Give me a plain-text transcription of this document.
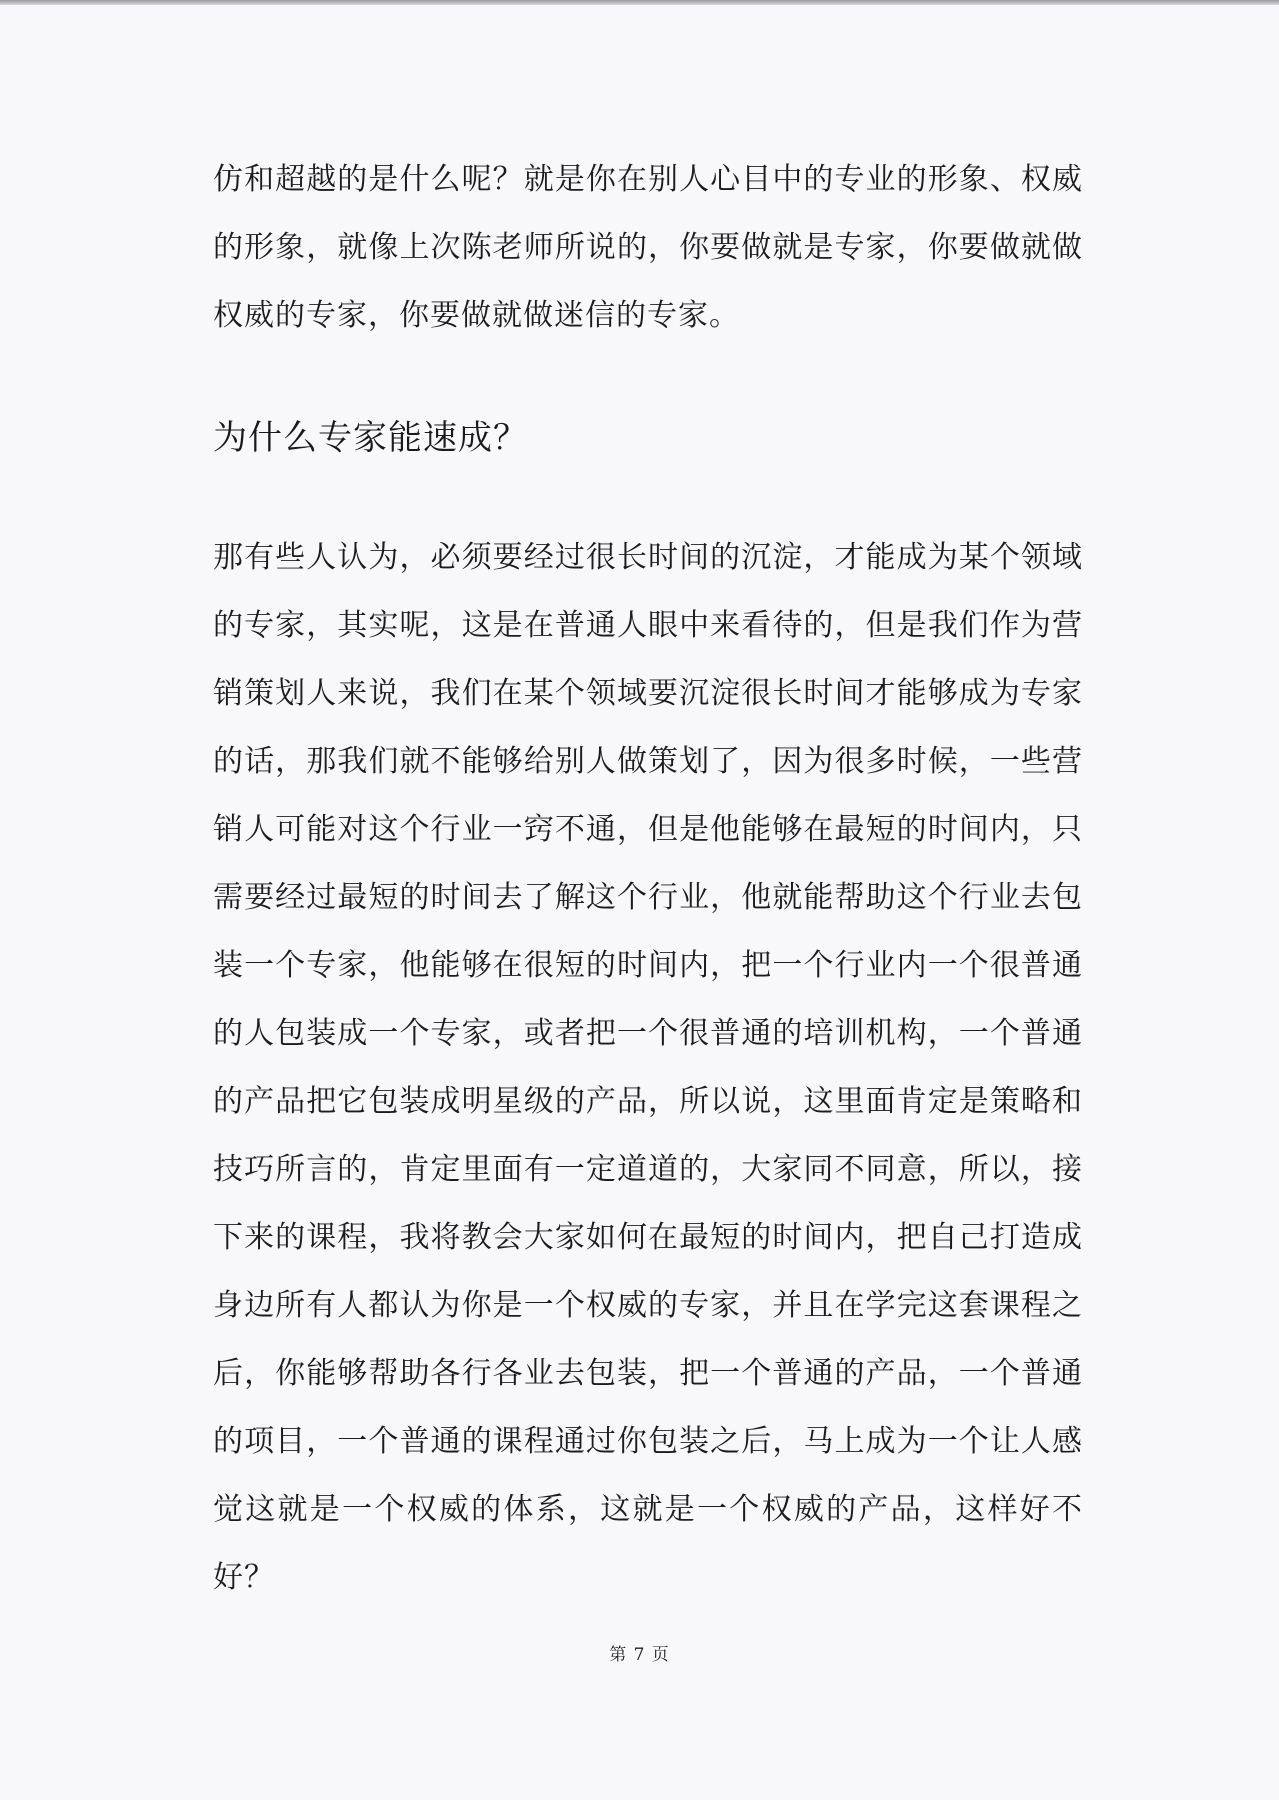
仿和超越的是什么呢？就是你在别人心目中的专业的形象、权威的形象，就像上次陈老师所说的，你要做就是专家，你要做就做权威的专家，你要做就做迷信的专家。

为什么专家能速成？

那有些人认为，必须要经过很长时间的沉淀，才能成为某个领域的专家，其实呢，这是在普通人眼中来看待的，但是我们作为营销策划人来说，我们在某个领域要沉淀很长时间才能够成为专家的话，那我们就不能够给别人做策划了，因为很多时候，一些营销人可能对这个行业一窍不通，但是他能够在最短的时间内，只需要经过最短的时间去了解这个行业，他就能帮助这个行业去包装一个专家，他能够在很短的时间内，把一个行业内一个很普通的人包装成一个专家，或者把一个很普通的培训机构，一个普通的产品把它包装成明星级的产品，所以说，这里面肯定是策略和技巧所言的，肯定里面有一定道道的，大家同不同意，所以，接下来的课程，我将教会大家如何在最短的时间内，把自己打造成身边所有人都认为你是一个权威的专家，并且在学完这套课程之后，你能够帮助各行各业去包装，把一个普通的产品，一个普通的项目，一个普通的课程通过你包装之后，马上成为一个让人感觉这就是一个权威的体系，这就是一个权威的产品，这样好不好？

第 7 页
